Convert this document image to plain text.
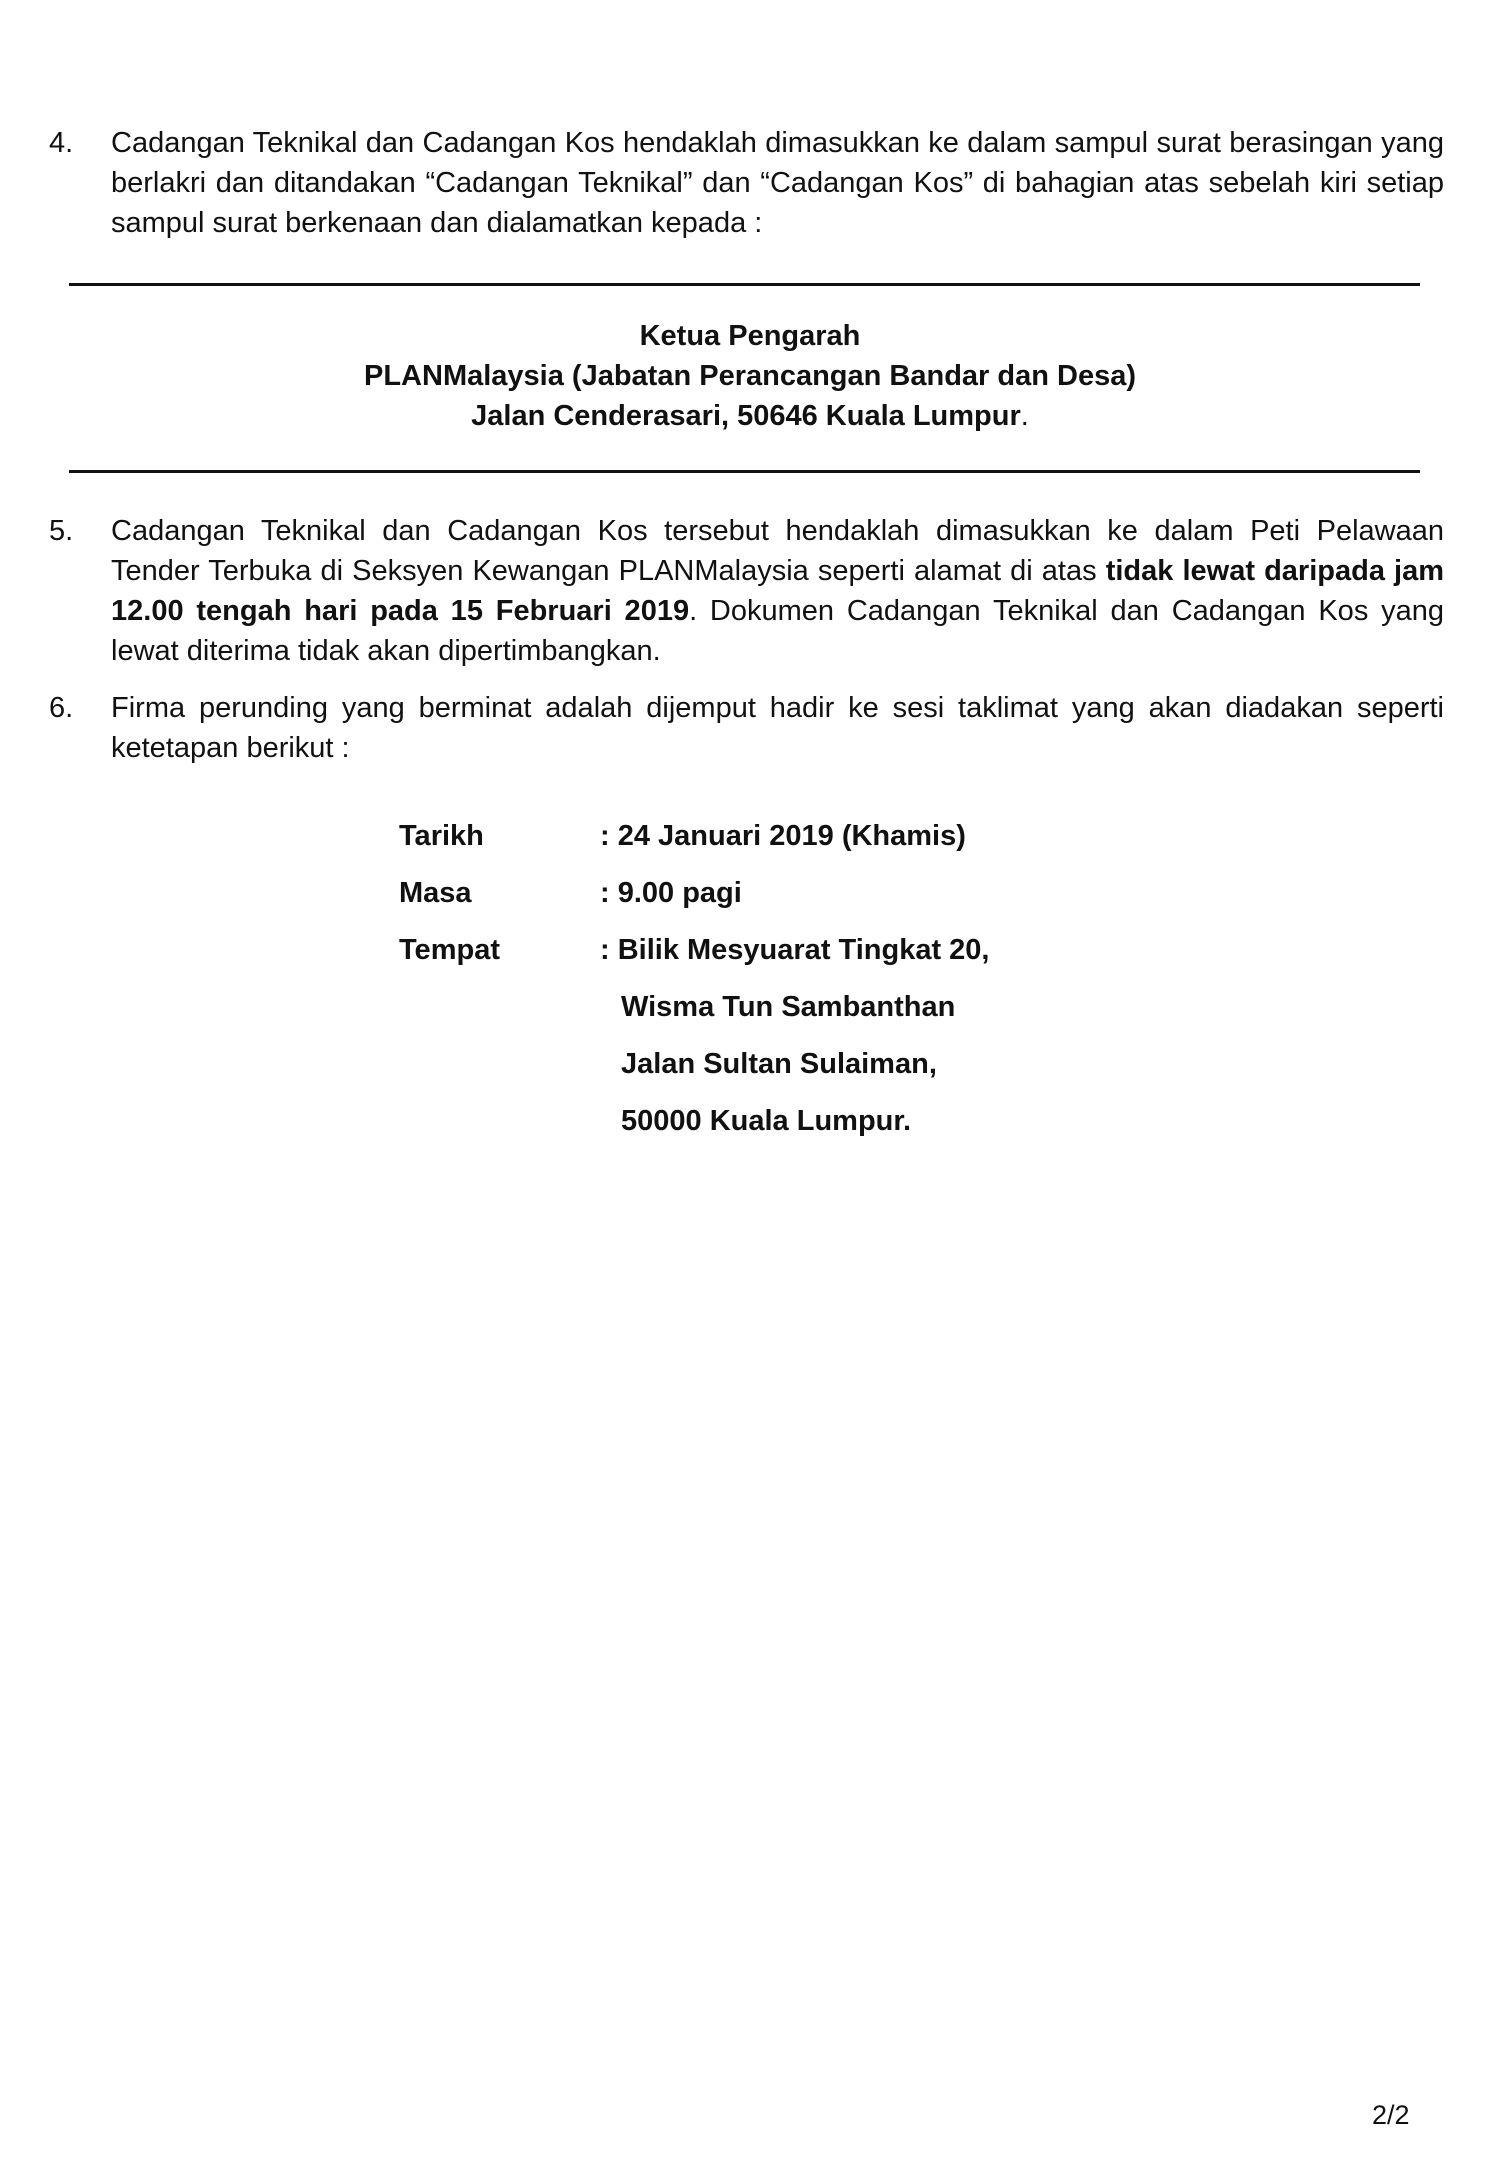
4. Cadangan Teknikal dan Cadangan Kos hendaklah dimasukkan ke dalam sampul surat berasingan yang berlakri dan ditandakan “Cadangan Teknikal” dan “Cadangan Kos” di bahagian atas sebelah kiri setiap sampul surat berkenaan dan dialamatkan kepada :
Ketua Pengarah
PLANMalaysia (Jabatan Perancangan Bandar dan Desa)
Jalan Cenderasari, 50646 Kuala Lumpur.
5. Cadangan Teknikal dan Cadangan Kos tersebut hendaklah dimasukkan ke dalam Peti Pelawaan Tender Terbuka di Seksyen Kewangan PLANMalaysia seperti alamat di atas tidak lewat daripada jam 12.00 tengah hari pada 15 Februari 2019. Dokumen Cadangan Teknikal dan Cadangan Kos yang lewat diterima tidak akan dipertimbangkan.
6. Firma perunding yang berminat adalah dijemput hadir ke sesi taklimat yang akan diadakan seperti ketetapan berikut :
Tarikh	: 24 Januari 2019 (Khamis)
Masa	: 9.00 pagi
Tempat	: Bilik Mesyuarat Tingkat 20,
Wisma Tun Sambanthan
Jalan Sultan Sulaiman,
50000 Kuala Lumpur.
2/2
